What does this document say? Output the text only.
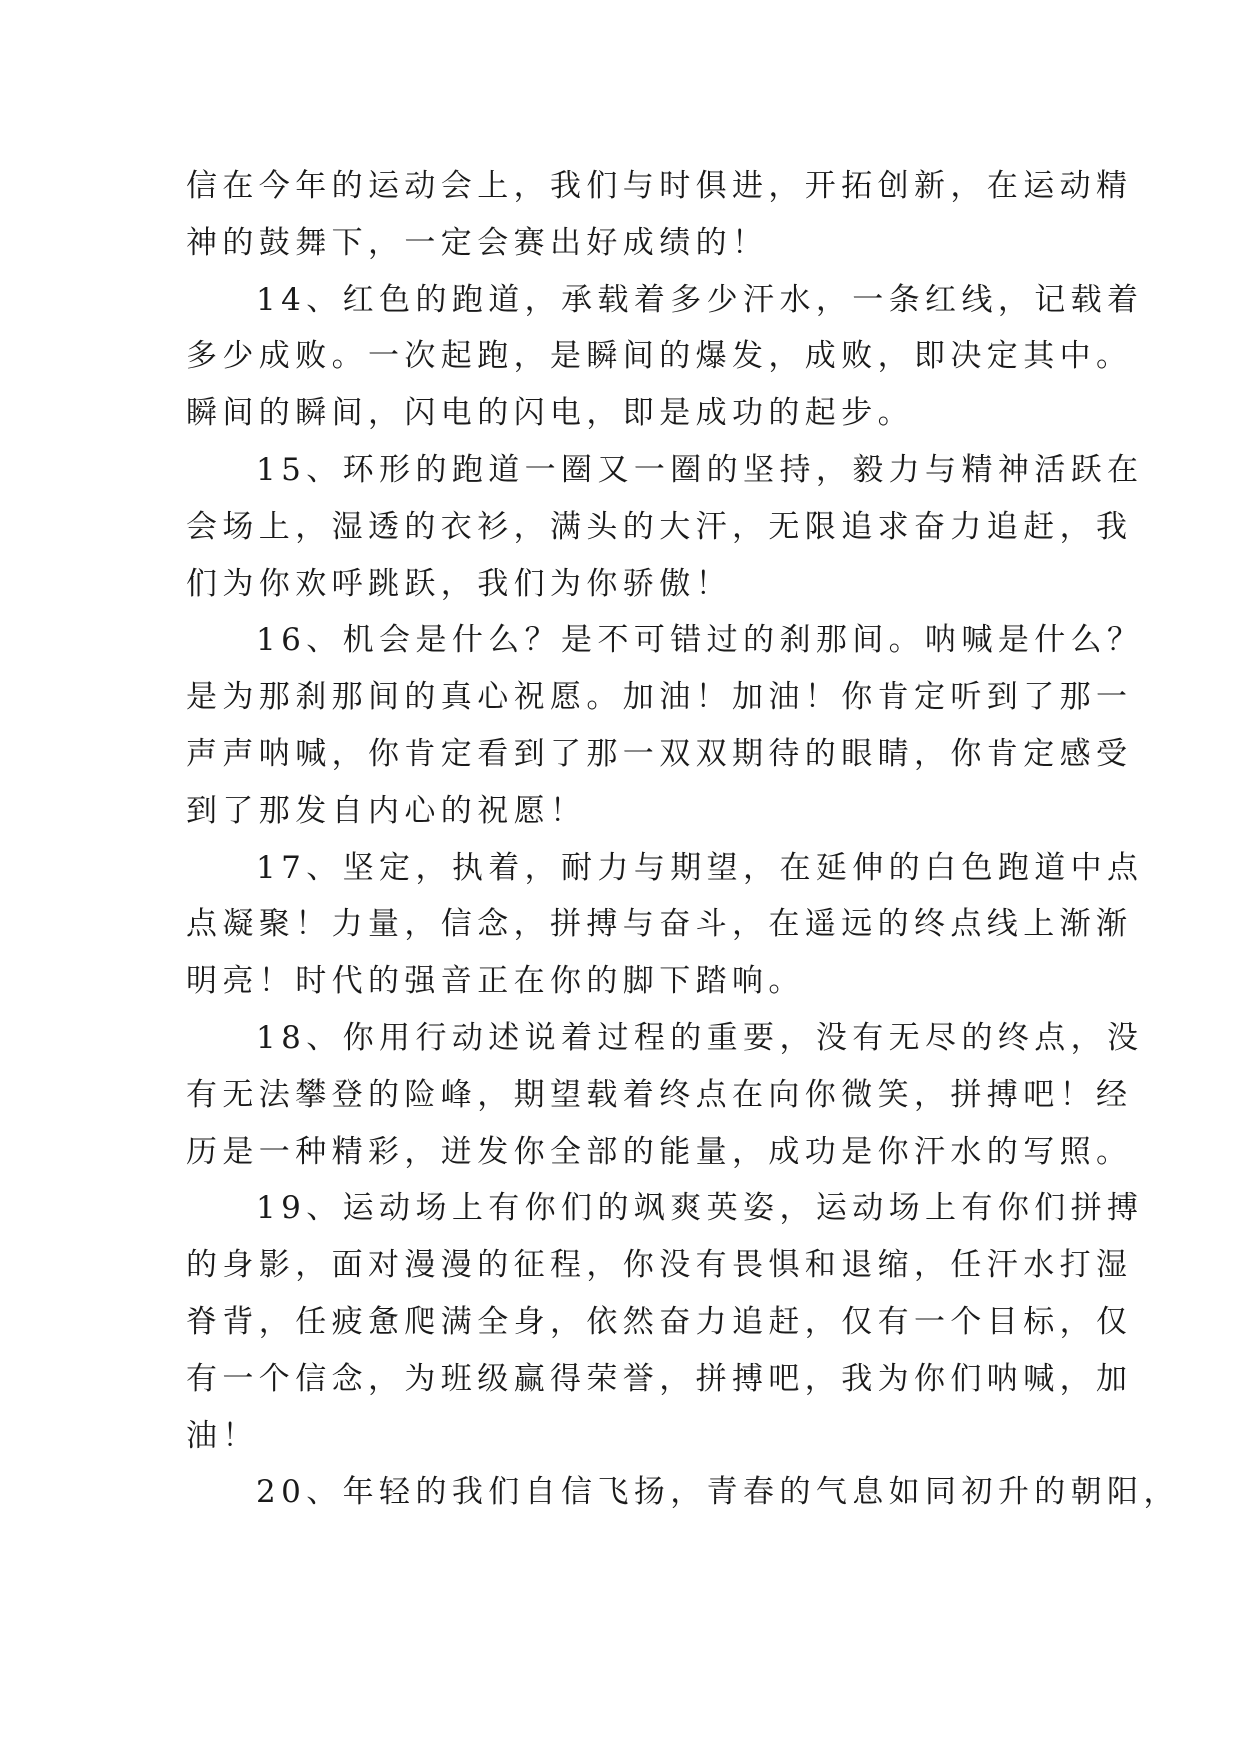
信在今年的运动会上，我们与时俱进，开拓创新，在运动精
神的鼓舞下，一定会赛出好成绩的！
14、红色的跑道，承载着多少汗水，一条红线，记载着
多少成败。一次起跑，是瞬间的爆发，成败，即决定其中。
瞬间的瞬间，闪电的闪电，即是成功的起步。
15、环形的跑道一圈又一圈的坚持，毅力与精神活跃在
会场上，湿透的衣衫，满头的大汗，无限追求奋力追赶，我
们为你欢呼跳跃，我们为你骄傲！
16、机会是什么？是不可错过的刹那间。呐喊是什么？
是为那刹那间的真心祝愿。加油！加油！你肯定听到了那一
声声呐喊，你肯定看到了那一双双期待的眼睛，你肯定感受
到了那发自内心的祝愿！
17、坚定，执着，耐力与期望，在延伸的白色跑道中点
点凝聚！力量，信念，拼搏与奋斗，在遥远的终点线上渐渐
明亮！时代的强音正在你的脚下踏响。
18、你用行动述说着过程的重要，没有无尽的终点，没
有无法攀登的险峰，期望载着终点在向你微笑，拼搏吧！经
历是一种精彩，迸发你全部的能量，成功是你汗水的写照。
19、运动场上有你们的飒爽英姿，运动场上有你们拼搏
的身影，面对漫漫的征程，你没有畏惧和退缩，任汗水打湿
脊背，任疲惫爬满全身，依然奋力追赶，仅有一个目标，仅
有一个信念，为班级赢得荣誉，拼搏吧，我为你们呐喊，加
油！
20、年轻的我们自信飞扬，青春的气息如同初升的朝阳，
